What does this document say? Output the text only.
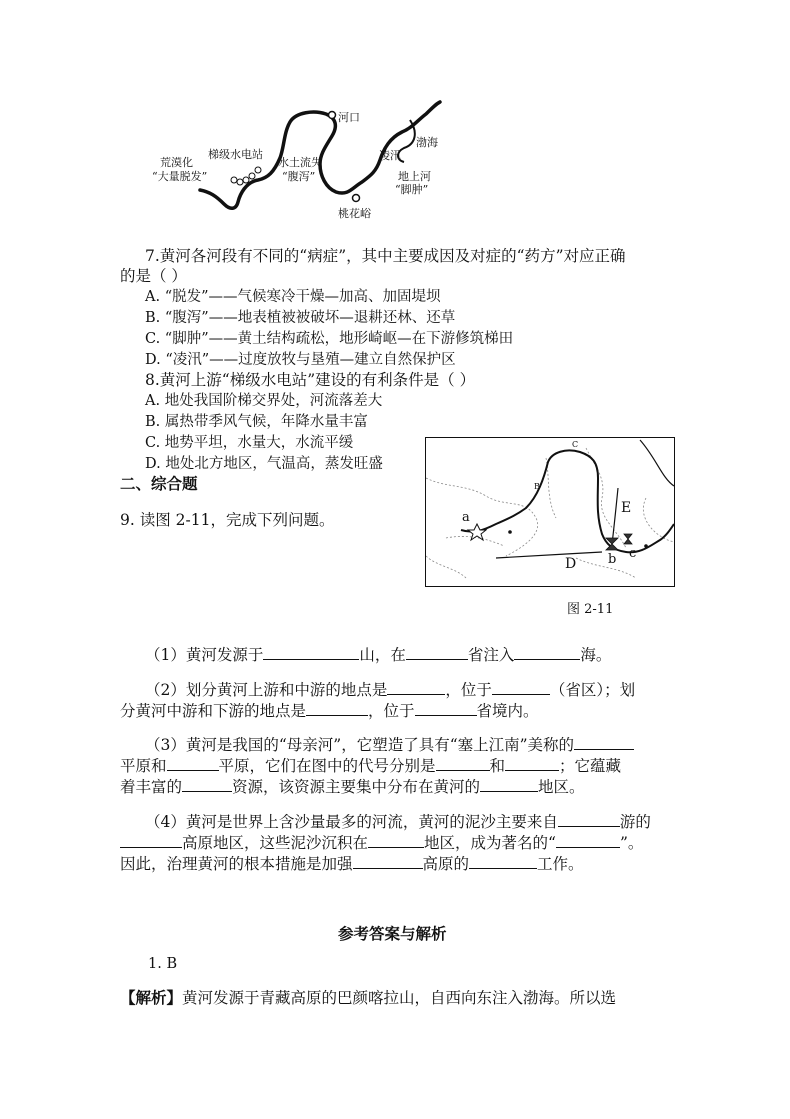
河口
梯级水电站
荒漠化
“大量脱发”
水土流失
“腹泻”
渤海
凌汛
地上河
“脚肿”
桃花峪
7.黄河各河段有不同的“病症”，其中主要成因及对症的“药方”对应正确
的是（ ）
A. “脱发”——气候寒冷干燥—加高、加固堤坝
B. “腹泻”——地表植被被破坏—退耕还林、还草
C. “脚肿”——黄土结构疏松，地形崎岖—在下游修筑梯田
D. “凌汛”——过度放牧与垦殖—建立自然保护区
8.黄河上游“梯级水电站”建设的有利条件是（ ）
A. 地处我国阶梯交界处，河流落差大
B. 属热带季风气候，年降水量丰富
C. 地势平坦，水量大，水流平缓
D. 地处北方地区，气温高，蒸发旺盛
二、综合题
9. 读图 2-11，完成下列问题。	a
b c
D
E
B
C
图 2-11
（1）黄河发源于	山，在	省注入	海。
（2）划分黄河上游和中游的地点是	，位于	（省区）；划
分黄河中游和下游的地点是	，位于	省境内。
（3）黄河是我国的“母亲河”，它塑造了具有“塞上江南”美称的
平原和	平原，它们在图中的代号分别是	和	；它蕴藏
着丰富的	资源，该资源主要集中分布在黄河的	地区。
（4）黄河是世界上含沙量最多的河流，黄河的泥沙主要来自	游的
高原地区，这些泥沙沉积在	地区，成为著名的“	”。
因此，治理黄河的根本措施是加强	高原的	工作。
参考答案与解析
1. B
【解析】黄河发源于青藏高原的巴颜喀拉山，自西向东注入渤海。所以选
